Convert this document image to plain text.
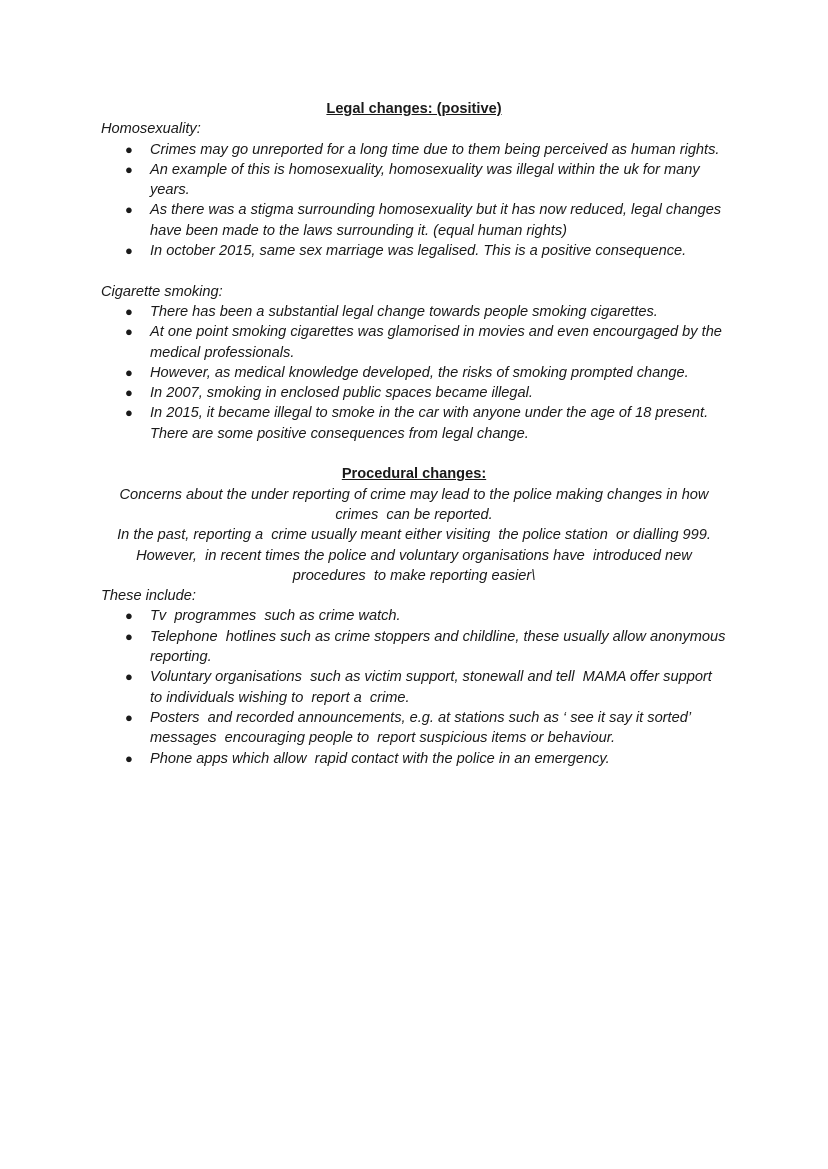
Legal changes: (positive)

Homosexuality:

● Crimes may go unreported for a long time due to them being perceived as human rights.
● An example of this is homosexuality, homosexuality was illegal within the uk for many years.
● As there was a stigma surrounding homosexuality but it has now reduced, legal changes have been made to the laws surrounding it. (equal human rights)
● In october 2015, same sex marriage was legalised. This is a positive consequence.

Cigarette smoking:

● There has been a substantial legal change towards people smoking cigarettes.
● At one point smoking cigarettes was glamorised in movies and even encourgaged by the medical professionals.
● However, as medical knowledge developed, the risks of smoking prompted change.
● In 2007, smoking in enclosed public spaces became illegal.
● In 2015, it became illegal to smoke in the car with anyone under the age of 18 present. There are some positive consequences from legal change.

Procedural changes:

Concerns about the under reporting of crime may lead to the police making changes in how crimes  can be reported.

In the past, reporting a  crime usually meant either visiting  the police station  or dialling 999. However,  in recent times the police and voluntary organisations have  introduced new procedures  to make reporting easier\

These include:

● Tv  programmes  such as crime watch.
● Telephone  hotlines such as crime stoppers and childline, these usually allow anonymous reporting.
● Voluntary organisations  such as victim support, stonewall and tell  MAMA offer support  to individuals wishing to  report a  crime.
● Posters  and recorded announcements, e.g. at stations such as ‘ see it say it sorted’ messages  encouraging people to  report suspicious items or behaviour.
● Phone apps which allow  rapid contact with the police in an emergency.
